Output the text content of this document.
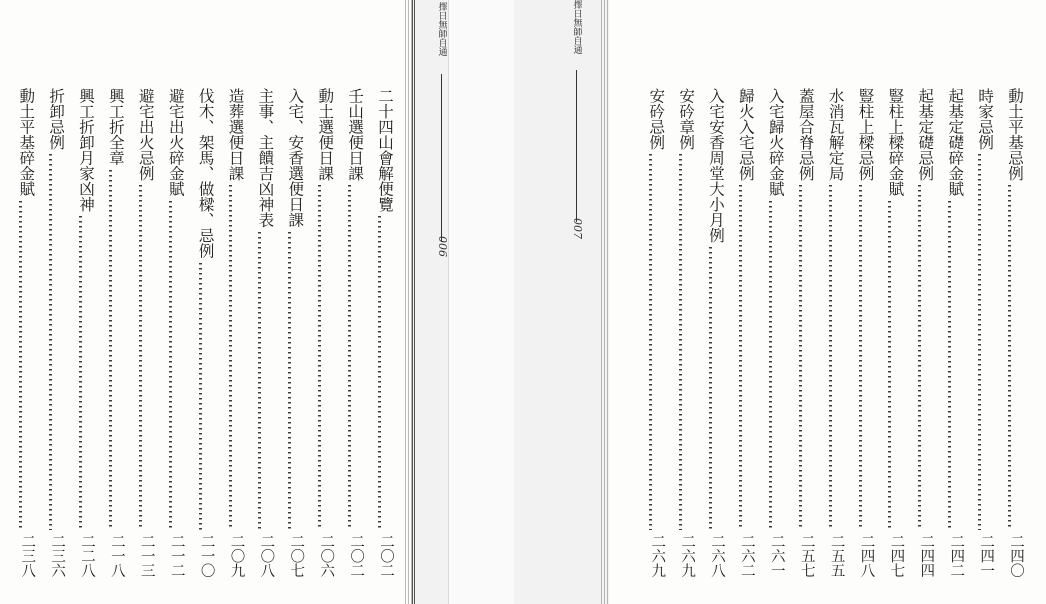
擇日無師自通
006
擇日無師自通
007
二十四山會解便覽
二〇二
壬山選便日課
二〇二
動土選便日課
二〇六
入宅、安香選便日課
二〇七
主事、主饋吉凶神表
二〇八
造葬選便日課
二〇九
伐木、架馬、做樑、忌例
二一〇
避宅出火碎金賦
二一二
避宅出火忌例
二一三
興工折全章
二一八
興工折卸月家凶神
二二八
折卸忌例
二三六
動土平基碎金賦
二三八
動土平基忌例
二四〇
時家忌例
二四一
起基定礎碎金賦
二四二
起基定礎忌例
二四四
豎柱上樑碎金賦
二四七
豎柱上樑忌例
二四八
水消瓦解定局
二五五
蓋屋合脊忌例
二五七
入宅歸火碎金賦
二六一
歸火入宅忌例
二六二
入宅安香周堂大小月例
二六八
安砛章例
二六九
安砛忌例
二六九
